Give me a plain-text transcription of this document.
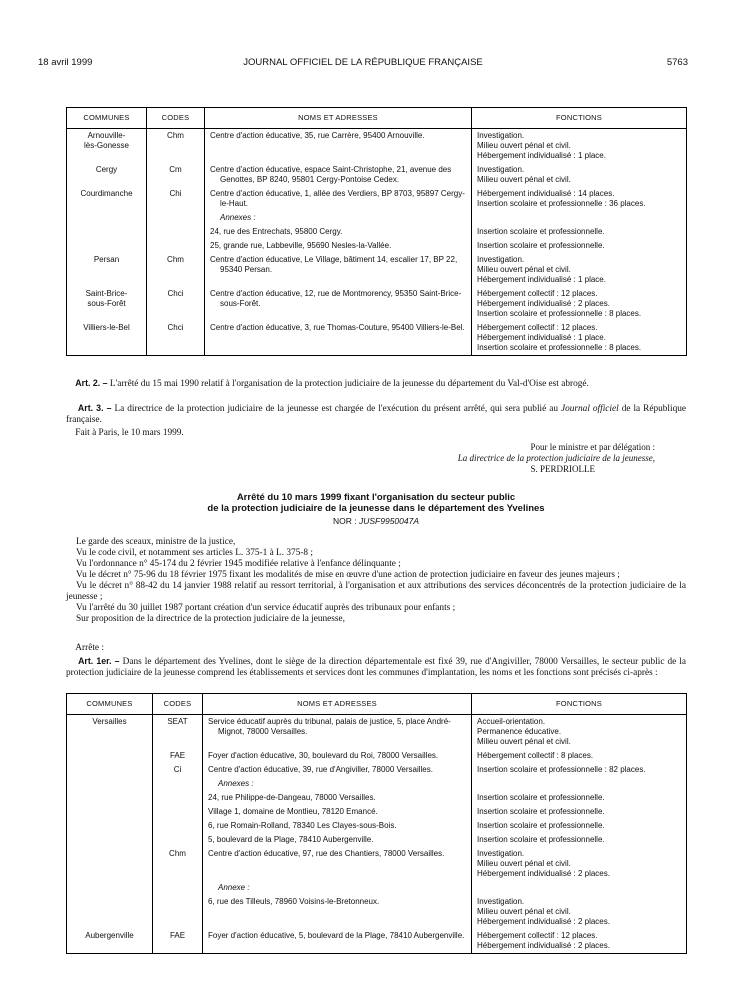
18 avril 1999	JOURNAL OFFICIEL DE LA RÉPUBLIQUE FRANÇAISE	5763
COMMUNES	CODES	NOMS ET ADRESSES	FONCTIONS

Arnouville-
lès-Gonesse	Chm	Centre d'action éducative, 35, rue Carrère, 95400 Arnouville.	Investigation.
Milieu ouvert pénal et civil.
Hébergement individualisé : 1 place.

Cergy	Cm	Centre d'action éducative, espace Saint-Christophe, 21, avenue des
Genottes, BP 8240, 95801 Cergy-Pontoise Cedex.	Investigation.
Milieu ouvert pénal et civil.

Courdimanche	Chi	Centre d'action éducative, 1, allée des Verdiers, BP 8703, 95897 Cergy-
le-Haut.	Hébergement individualisé : 14 places.
Insertion scolaire et professionnelle : 36 places.

		Annexes :	

		24, rue des Entrechats, 95800 Cergy.	Insertion scolaire et professionnelle.

		25, grande rue, Labbeville, 95690 Nesles-la-Vallée.	Insertion scolaire et professionnelle.

Persan	Chm	Centre d'action éducative, Le Village, bâtiment 14, escalier 17, BP 22,
95340 Persan.	Investigation.
Milieu ouvert pénal et civil.
Hébergement individualisé : 1 place.

Saint-Brice-
sous-Forêt	Chci	Centre d'action éducative, 12, rue de Montmorency, 95350 Saint-Brice-
sous-Forêt.	Hébergement collectif : 12 places.
Hébergement individualisé : 2 places.
Insertion scolaire et professionnelle : 8 places.

Villiers-le-Bel	Chci	Centre d'action éducative, 3, rue Thomas-Couture, 95400 Villiers-le-Bel.	Hébergement collectif : 12 places.
Hébergement individualisé : 1 place.
Insertion scolaire et professionnelle : 8 places.
Art. 2. – L'arrêté du 15 mai 1990 relatif à l'organisation de la protection judiciaire de la jeunesse du département du Val-d'Oise est abrogé.
Art. 3. – La directrice de la protection judiciaire de la jeunesse est chargée de l'exécution du présent arrêté, qui sera publié au Journal officiel de la République française.
Fait à Paris, le 10 mars 1999.
Pour le ministre et par délégation :
La directrice de la protection judiciaire de la jeunesse,
S. PERDRIOLLE
Arrêté du 10 mars 1999 fixant l'organisation du secteur public
de la protection judiciaire de la jeunesse dans le département des Yvelines
NOR : JUSF9950047A
Le garde des sceaux, ministre de la justice,
Vu le code civil, et notamment ses articles L. 375-1 à L. 375-8 ;
Vu l'ordonnance n° 45-174 du 2 février 1945 modifiée relative à l'enfance délinquante ;
Vu le décret n° 75-96 du 18 février 1975 fixant les modalités de mise en œuvre d'une action de protection judiciaire en faveur des jeunes majeurs ;
Vu le décret n° 88-42 du 14 janvier 1988 relatif au ressort territorial, à l'organisation et aux attributions des services déconcentrés de la protection judiciaire de la jeunesse ;
Vu l'arrêté du 30 juillet 1987 portant création d'un service éducatif auprès des tribunaux pour enfants ;
Sur proposition de la directrice de la protection judiciaire de la jeunesse,
Arrête :
Art. 1er. – Dans le département des Yvelines, dont le siège de la direction départementale est fixé 39, rue d'Angiviller, 78000 Versailles, le secteur public de la protection judiciaire de la jeunesse comprend les établissements et services dont les communes d'implantation, les noms et les fonctions sont précisés ci-après :
COMMUNES	CODES	NOMS ET ADRESSES	FONCTIONS

Versailles	SEAT	Service éducatif auprès du tribunal, palais de justice, 5, place André-
Mignot, 78000 Versailles.	Accueil-orientation.
Permanence éducative.
Milieu ouvert pénal et civil.

	FAE	Foyer d'action éducative, 30, boulevard du Roi, 78000 Versailles.	Hébergement collectif : 8 places.

	Ci	Centre d'action éducative, 39, rue d'Angiviller, 78000 Versailles.	Insertion scolaire et professionnelle : 82 places.

		Annexes :	

		24, rue Philippe-de-Dangeau, 78000 Versailles.	Insertion scolaire et professionnelle.

		Village 1, domaine de Montlieu, 78120 Emancé.	Insertion scolaire et professionnelle.

		6, rue Romain-Rolland, 78340 Les Clayes-sous-Bois.	Insertion scolaire et professionnelle.

		5, boulevard de la Plage, 78410 Aubergenville.	Insertion scolaire et professionnelle.

	Chm	Centre d'action éducative, 97, rue des Chantiers, 78000 Versailles.	Investigation.
Milieu ouvert pénal et civil.
Hébergement individualisé : 2 places.

		Annexe :	

		6, rue des Tilleuls, 78960 Voisins-le-Bretonneux.	Investigation.
Milieu ouvert pénal et civil.
Hébergement individualisé : 2 places.

Aubergenville	FAE	Foyer d'action éducative, 5, boulevard de la Plage, 78410 Aubergenville.	Hébergement collectif : 12 places.
Hébergement individualisé : 2 places.
